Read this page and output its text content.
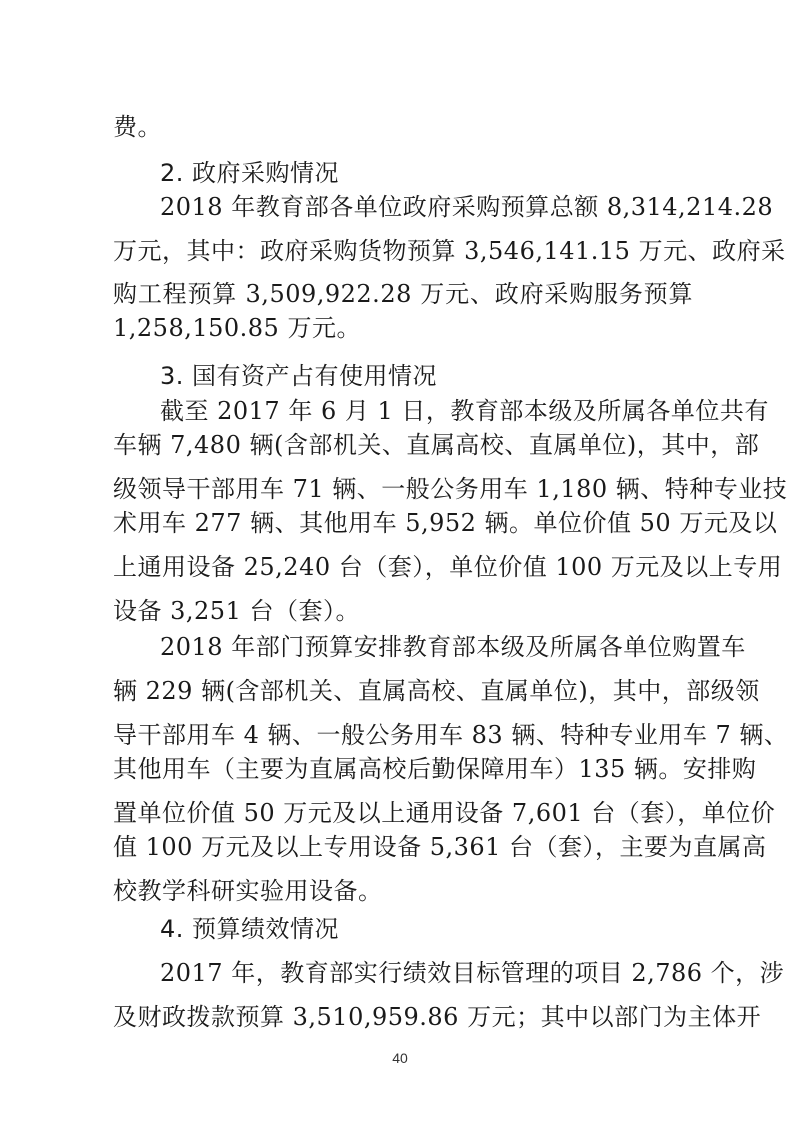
费。
2. 政府采购情况
2018 年教育部各单位政府采购预算总额 8,314,214.28
万元，其中：政府采购货物预算 3,546,141.15 万元、政府采
购工程预算 3,509,922.28 万元、政府采购服务预算
1,258,150.85 万元。
3. 国有资产占有使用情况
截至 2017 年 6 月 1 日，教育部本级及所属各单位共有
车辆 7,480 辆(含部机关、直属高校、直属单位)，其中，部
级领导干部用车 71 辆、一般公务用车 1,180 辆、特种专业技
术用车 277 辆、其他用车 5,952 辆。单位价值 50 万元及以
上通用设备 25,240 台（套），单位价值 100 万元及以上专用
设备 3,251 台（套）。
2018 年部门预算安排教育部本级及所属各单位购置车
辆 229 辆(含部机关、直属高校、直属单位)，其中，部级领
导干部用车 4 辆、一般公务用车 83 辆、特种专业用车 7 辆、
其他用车（主要为直属高校后勤保障用车）135 辆。安排购
置单位价值 50 万元及以上通用设备 7,601 台（套），单位价
值 100 万元及以上专用设备 5,361 台（套），主要为直属高
校教学科研实验用设备。
4. 预算绩效情况
2017 年，教育部实行绩效目标管理的项目 2,786 个，涉
及财政拨款预算 3,510,959.86 万元；其中以部门为主体开
40
